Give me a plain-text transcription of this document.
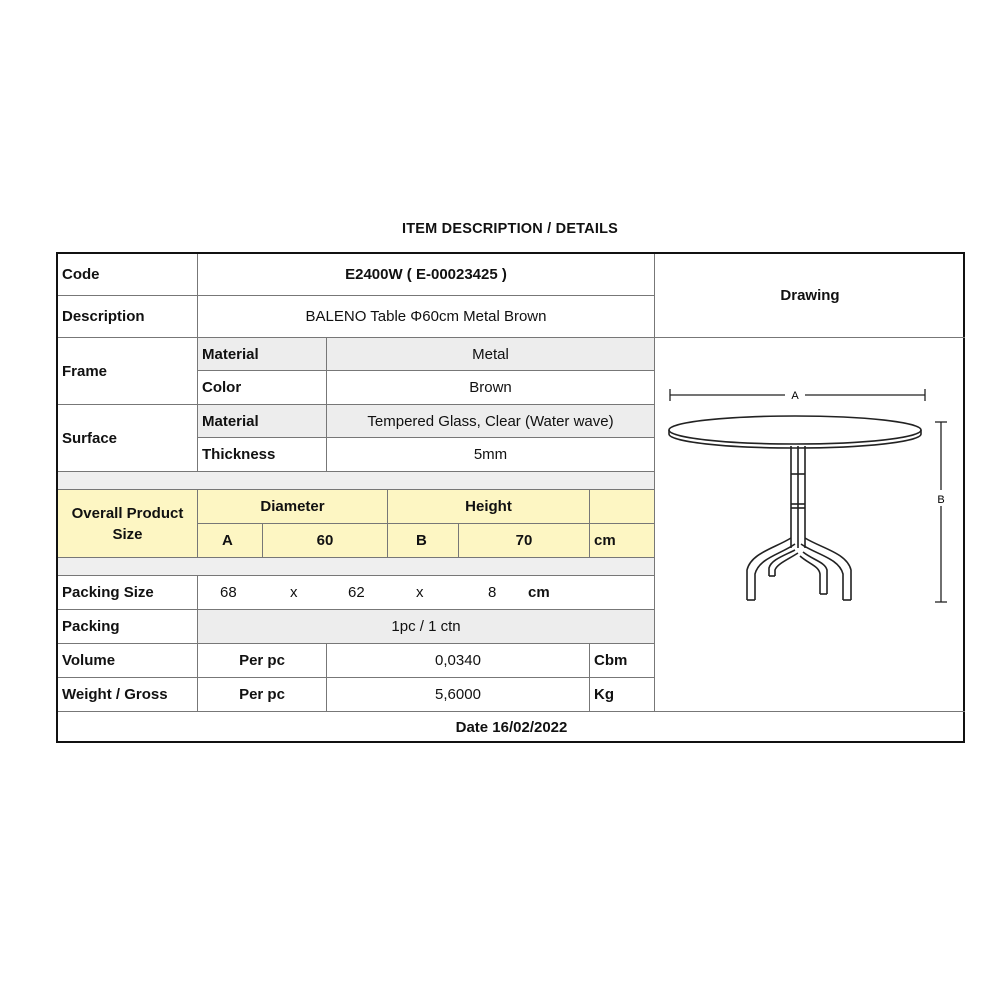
ITEM DESCRIPTION / DETAILS
Code	E2400W ( E-00023425 )
Drawing
Description	BALENO Table Φ60cm Metal Brown
Frame
Material	Metal
Color	Brown
Surface
Material	Tempered Glass, Clear (Water wave)
Thickness	5mm
Overall Product Size
Diameter	Height
A	60	B	70	cm
Packing Size	68	x	62	x	8 cm
Packing	1pc / 1 ctn
Volume	Per pc	0,0340	Cbm
Weight / Gross	Per pc	5,6000	Kg
A
B
Date 16/02/2022
